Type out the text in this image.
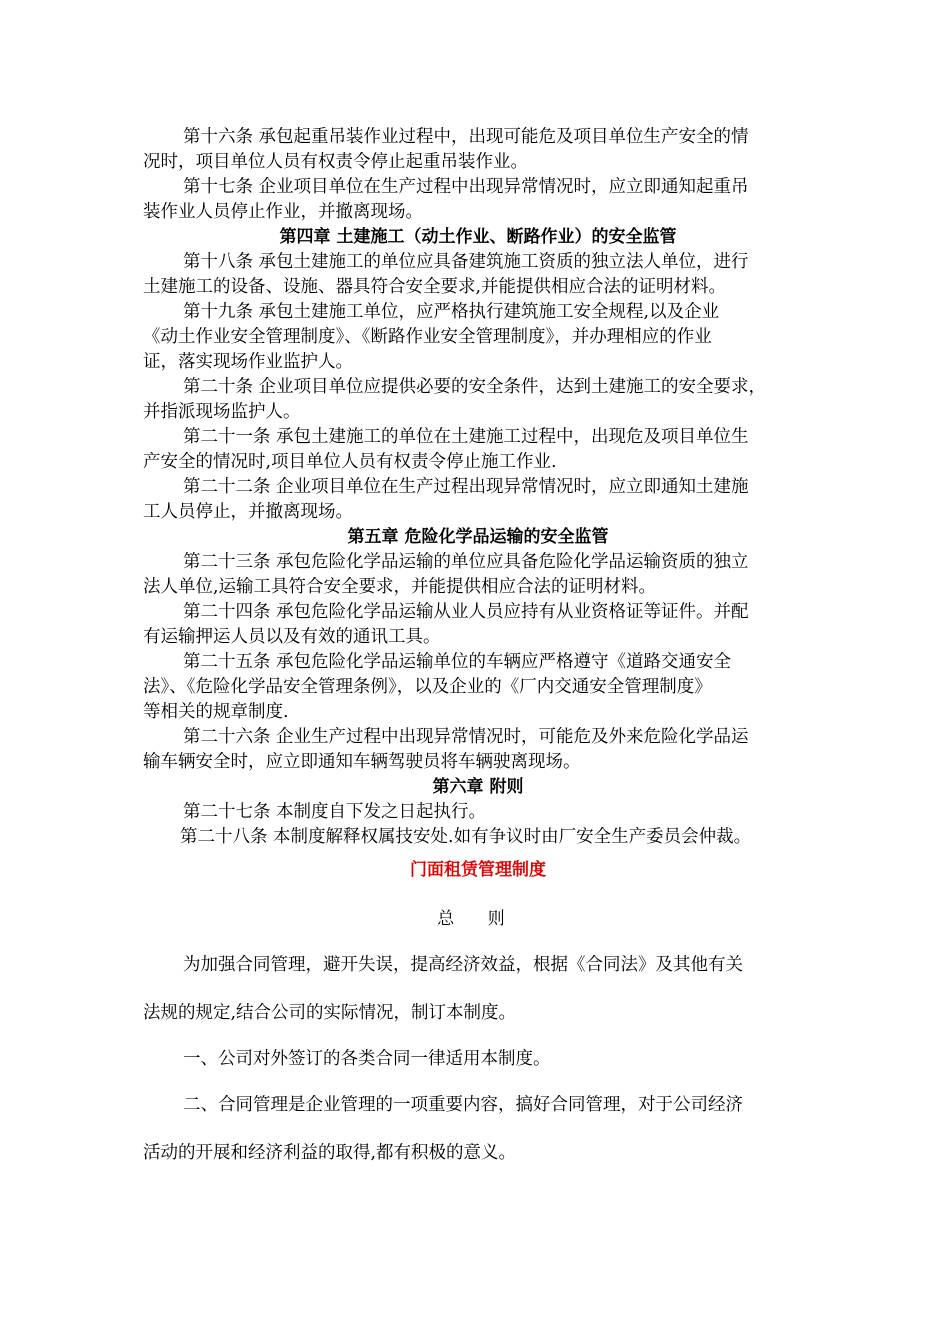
第十六条 承包起重吊装作业过程中，出现可能危及项目单位生产安全的情
况时，项目单位人员有权责令停止起重吊装作业。
第十七条 企业项目单位在生产过程中出现异常情况时，应立即通知起重吊
装作业人员停止作业，并撤离现场。
第四章 土建施工（动土作业、断路作业）的安全监管
第十八条 承包土建施工的单位应具备建筑施工资质的独立法人单位，进行
土建施工的设备、设施、器具符合安全要求,并能提供相应合法的证明材料。
第十九条 承包土建施工单位，应严格执行建筑施工安全规程,以及企业
《动土作业安全管理制度》、《断路作业安全管理制度》，并办理相应的作业
证，落实现场作业监护人。
第二十条 企业项目单位应提供必要的安全条件，达到土建施工的安全要求，
并指派现场监护人。
第二十一条 承包土建施工的单位在土建施工过程中，出现危及项目单位生
产安全的情况时,项目单位人员有权责令停止施工作业.
第二十二条 企业项目单位在生产过程出现异常情况时，应立即通知土建施
工人员停止，并撤离现场。
第五章 危险化学品运输的安全监管
第二十三条 承包危险化学品运输的单位应具备危险化学品运输资质的独立
法人单位,运输工具符合安全要求，并能提供相应合法的证明材料。
第二十四条 承包危险化学品运输从业人员应持有从业资格证等证件。并配
有运输押运人员以及有效的通讯工具。
第二十五条 承包危险化学品运输单位的车辆应严格遵守《道路交通安全
法》、《危险化学品安全管理条例》，以及企业的《厂内交通安全管理制度》
等相关的规章制度.
第二十六条 企业生产过程中出现异常情况时，可能危及外来危险化学品运
输车辆安全时，应立即通知车辆驾驶员将车辆驶离现场。
第六章 附则
第二十七条 本制度自下发之日起执行。
第二十八条 本制度解释权属技安处.如有争议时由厂安全生产委员会仲裁。
门面租赁管理制度
总 则
为加强合同管理，避开失误，提高经济效益，根据《合同法》及其他有关
法规的规定,结合公司的实际情况，制订本制度。
一、公司对外签订的各类合同一律适用本制度。
二、合同管理是企业管理的一项重要内容，搞好合同管理，对于公司经济
活动的开展和经济利益的取得,都有积极的意义。
